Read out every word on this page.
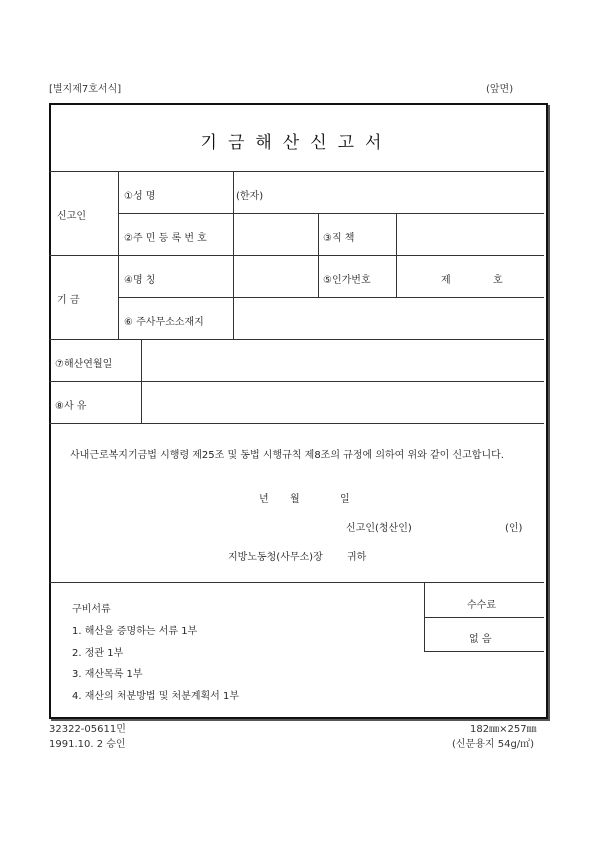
[별지제7호서식]	(앞면)
기금해산신고서
신고인
①성 명	(한자)
②주 민 등 록 번 호	③직 책
기 금
④명 칭	⑤인가번호	제	호
⑥ 주사무소소재지
⑦해산연월일
⑧사 유
사내근로복지기금법 시행령 제25조 및 동법 시행규칙 제8조의 규정에 의하여 위와 같이 신고합니다.
년 월	일
신고인(청산인)	(인)
지방노동청(사무소)장 귀하
구비서류
1. 해산을 증명하는 서류 1부
2. 정관 1부
3. 재산목록 1부
4. 재산의 처분방법 및 처분계획서 1부
수수료
없 음
32322-05611민
1991.10. 2 승인
182㎜×257㎜
(신문용지 54g/㎡)
